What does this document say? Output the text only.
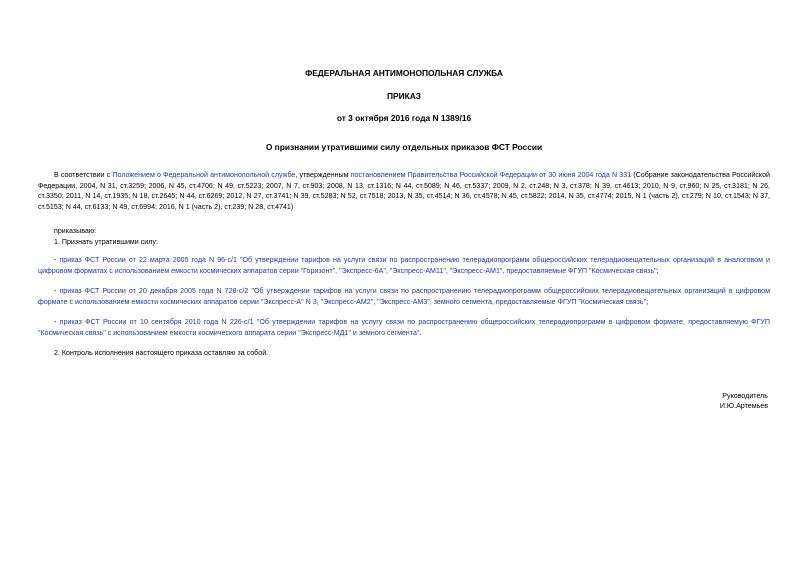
ФЕДЕРАЛЬНАЯ АНТИМОНОПОЛЬНАЯ СЛУЖБА
ПРИКАЗ
от 3 октября 2016 года N 1389/16
О признании утратившими силу отдельных приказов ФСТ России
В соответствии с Положением о Федеральной антимонопольной службе, утвержденным постановлением Правительства Российской Федерации от 30 июня 2004 года N 331 (Собрание законодательства Российской Федерации, 2004, N 31, ст.3259; 2006, N 45, ст.4706; N 49, ст.5223; 2007, N 7, ст.903; 2008, N 13, ст.1316; N 44, ст.5089; N 46, ст.5337; 2009, N 2, ст.248; N 3, ст.378; N 39, ст.4613; 2010, N 9, ст.960; N 25, ст.3181; N 26, ст.3350; 2011, N 14, ст.1935; N 18, ст.2645; N 44, ст.6269; 2012, N 27, ст.3741; N 39, ст.5283; N 52, ст.7518; 2013, N 35, ст.4514; N 36, ст.4578; N 45, ст.5822; 2014, N 35, ст.4774; 2015, N 1 (часть 2), ст.279; N 10, ст.1543; N 37, ст.5153; N 44, ст.6133; N 49, ст.6994; 2016, N 1 (часть 2), ст.239; N 28, ст.4741)
приказываю:
1. Признать утратившими силу:
- приказ ФСТ России от 22 марта 2005 года N 96-с/1 "Об утверждении тарифов на услуги связи по распространению телерадиопрограмм общероссийских телерадиовещательных организаций в аналоговом и цифровом форматах с использованием емкости космических аппаратов серии "Горизонт", "Экспресс-6А", "Экспресс-АМ11", "Экспресс-АМ1", предоставляемые ФГУП "Космическая связь";
- приказ ФСТ России от 20 декабря 2005 года N 728-с/2 "Об утверждении тарифов на услуги связи по распространению телерадиопрограмм общероссийских телерадиовещательных организаций в цифровом формате с использованием емкости космических аппаратов серии "Экспресс-А" N 3, "Экспресс-АМ2", "Экспресс-АМ3", земного сегмента, предоставляемые ФГУП "Космическая связь";
- приказ ФСТ России от 10 сентября 2010 года N 226-с/1 "Об утверждении тарифов на услугу связи по распространению общероссийских телерадиопрограмм в цифровом формате, предоставляемую ФГУП "Космическая связь" с использованием емкости космического аппарата серии "Экспресс-МД1" и земного сегмента".
2. Контроль исполнения настоящего приказа оставляю за собой.
Руководитель
И.Ю.Артемьев
